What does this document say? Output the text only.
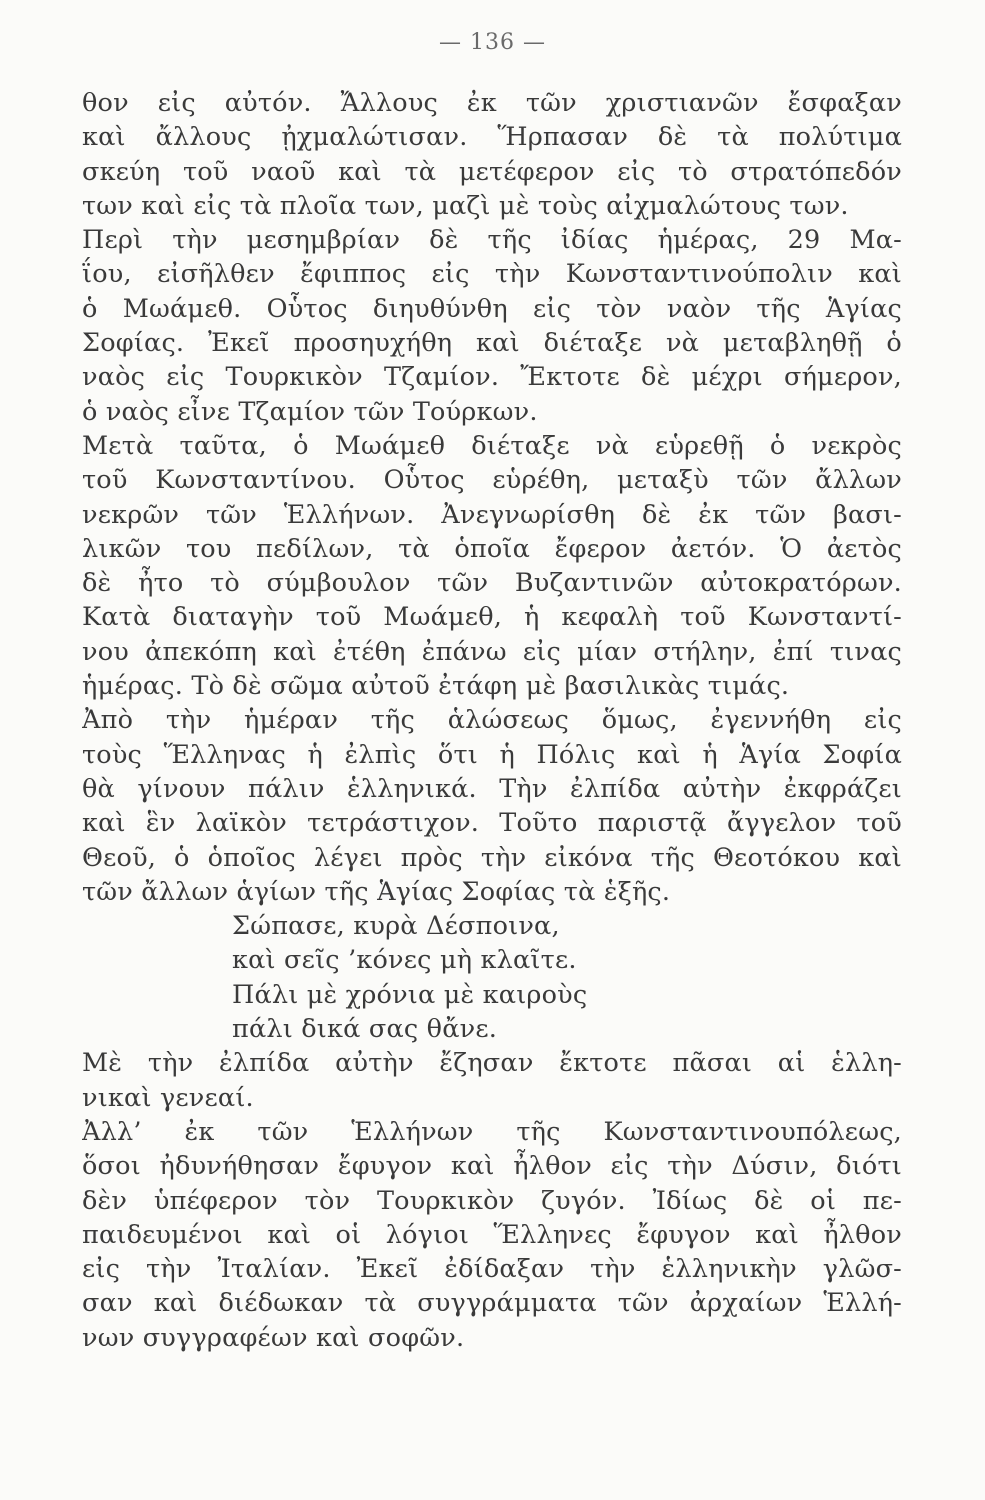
— 136 —
θον εἰς αὐτόν. Ἄλλους ἐκ τῶν χριστιανῶν ἔσφαξαν
καὶ ἄλλους ᾐχμαλώτισαν. Ἥρπασαν δὲ τὰ πολύτιμα
σκεύη τοῦ ναοῦ καὶ τὰ μετέφερον εἰς τὸ στρατόπεδόν
των καὶ εἰς τὰ πλοῖα των, μαζὶ μὲ τοὺς αἰχμαλώτους των.
Περὶ τὴν μεσημβρίαν δὲ τῆς ἰδίας ἡμέρας, 29 Μα-
ΐου, εἰσῆλθεν ἔφιππος εἰς τὴν Κωνσταντινούπολιν καὶ
ὁ Μωάμεθ. Οὗτος διηυθύνθη εἰς τὸν ναὸν τῆς Ἁγίας
Σοφίας. Ἐκεῖ προσηυχήθη καὶ διέταξε νὰ μεταβληθῇ ὁ
ναὸς εἰς Τουρκικὸν Τζαμίον. Ἔκτοτε δὲ μέχρι σήμερον,
ὁ ναὸς εἶνε Τζαμίον τῶν Τούρκων.
Μετὰ ταῦτα, ὁ Μωάμεθ διέταξε νὰ εὑρεθῇ ὁ νεκρὸς
τοῦ Κωνσταντίνου. Οὗτος εὑρέθη, μεταξὺ τῶν ἄλλων
νεκρῶν τῶν Ἑλλήνων. Ἀνεγνωρίσθη δὲ ἐκ τῶν βασι-
λικῶν του πεδίλων, τὰ ὁποῖα ἔφερον ἀετόν. Ὁ ἀετὸς
δὲ ἦτο τὸ σύμβουλον τῶν Βυζαντινῶν αὐτοκρατόρων.
Κατὰ διαταγὴν τοῦ Μωάμεθ, ἡ κεφαλὴ τοῦ Κωνσταντί-
νου ἀπεκόπη καὶ ἐτέθη ἐπάνω εἰς μίαν στήλην, ἐπί τινας
ἡμέρας. Τὸ δὲ σῶμα αὐτοῦ ἐτάφη μὲ βασιλικὰς τιμάς.
Ἀπὸ τὴν ἡμέραν τῆς ἁλώσεως ὅμως, ἐγεννήθη εἰς
τοὺς Ἕλληνας ἡ ἐλπὶς ὅτι ἡ Πόλις καὶ ἡ Ἁγία Σοφία
θὰ γίνουν πάλιν ἑλληνικά. Τὴν ἐλπίδα αὐτὴν ἐκφράζει
καὶ ἓν λαϊκὸν τετράστιχον. Τοῦτο παριστᾷ ἄγγελον τοῦ
Θεοῦ, ὁ ὁποῖος λέγει πρὸς τὴν εἰκόνα τῆς Θεοτόκου καὶ
τῶν ἄλλων ἁγίων τῆς Ἁγίας Σοφίας τὰ ἑξῆς.
Σώπασε, κυρὰ Δέσποινα,
καὶ σεῖς ’κόνες μὴ κλαῖτε.
Πάλι μὲ χρόνια μὲ καιροὺς
πάλι δικά σας θἄνε.
Μὲ τὴν ἐλπίδα αὐτὴν ἔζησαν ἔκτοτε πᾶσαι αἱ ἑλλη-
νικαὶ γενεαί.
Ἀλλ’ ἐκ τῶν Ἑλλήνων τῆς Κωνσταντινουπόλεως,
ὅσοι ἠδυνήθησαν ἔφυγον καὶ ἦλθον εἰς τὴν Δύσιν, διότι
δὲν ὑπέφερον τὸν Τουρκικὸν ζυγόν. Ἰδίως δὲ οἱ πε-
παιδευμένοι καὶ οἱ λόγιοι Ἕλληνες ἔφυγον καὶ ἦλθον
εἰς τὴν Ἰταλίαν. Ἐκεῖ ἐδίδαξαν τὴν ἑλληνικὴν γλῶσ-
σαν καὶ διέδωκαν τὰ συγγράμματα τῶν ἀρχαίων Ἑλλή-
νων συγγραφέων καὶ σοφῶν.
